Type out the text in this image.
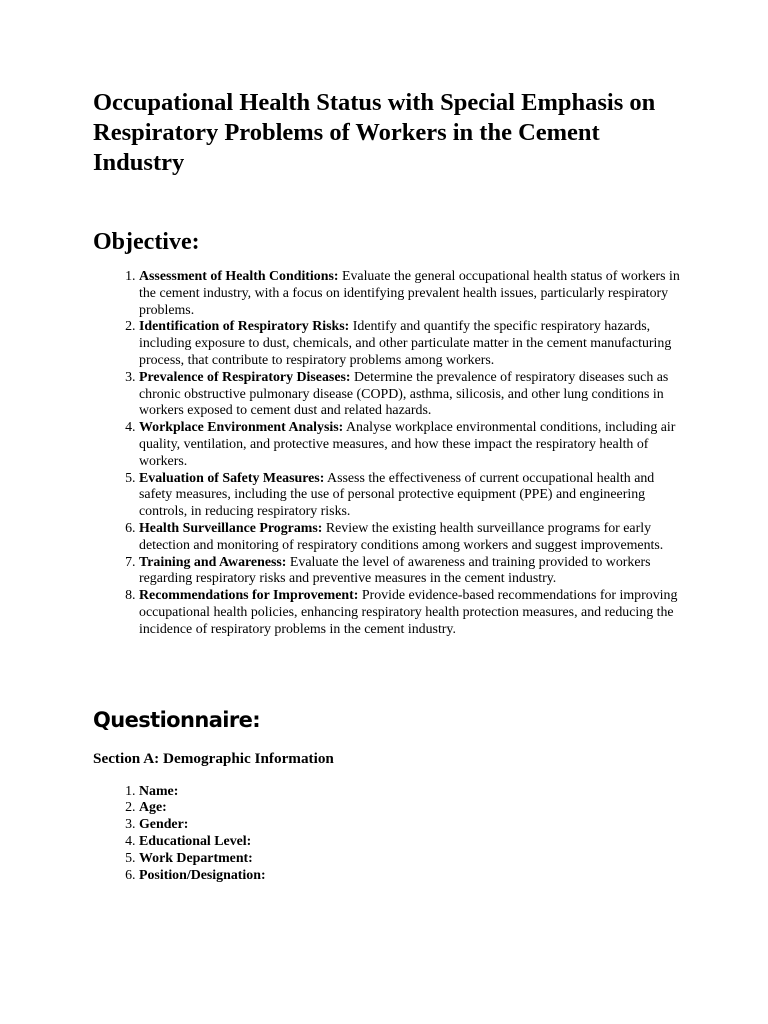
Occupational Health Status with Special Emphasis on Respiratory Problems of Workers in the Cement Industry
Objective:
1. Assessment of Health Conditions: Evaluate the general occupational health status of workers in the cement industry, with a focus on identifying prevalent health issues, particularly respiratory problems.
2. Identification of Respiratory Risks: Identify and quantify the specific respiratory hazards, including exposure to dust, chemicals, and other particulate matter in the cement manufacturing process, that contribute to respiratory problems among workers.
3. Prevalence of Respiratory Diseases: Determine the prevalence of respiratory diseases such as chronic obstructive pulmonary disease (COPD), asthma, silicosis, and other lung conditions in workers exposed to cement dust and related hazards.
4. Workplace Environment Analysis: Analyse workplace environmental conditions, including air quality, ventilation, and protective measures, and how these impact the respiratory health of workers.
5. Evaluation of Safety Measures: Assess the effectiveness of current occupational health and safety measures, including the use of personal protective equipment (PPE) and engineering controls, in reducing respiratory risks.
6. Health Surveillance Programs: Review the existing health surveillance programs for early detection and monitoring of respiratory conditions among workers and suggest improvements.
7. Training and Awareness: Evaluate the level of awareness and training provided to workers regarding respiratory risks and preventive measures in the cement industry.
8. Recommendations for Improvement: Provide evidence-based recommendations for improving occupational health policies, enhancing respiratory health protection measures, and reducing the incidence of respiratory problems in the cement industry.
Questionnaire:
Section A: Demographic Information
1. Name:
2. Age:
3. Gender:
4. Educational Level:
5. Work Department:
6. Position/Designation:
